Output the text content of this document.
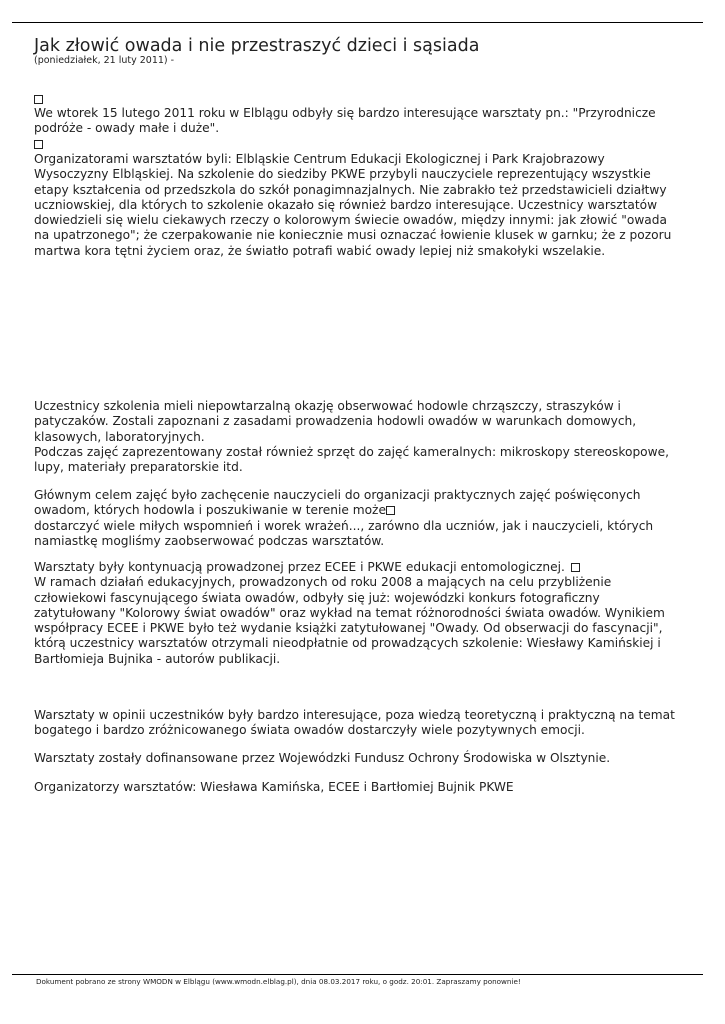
Jak złowić owada i nie przestraszyć dzieci i sąsiada
(poniedziałek, 21 luty 2011) -
We wtorek 15 lutego 2011 roku w Elblągu odbyły się bardzo interesujące warsztaty pn.: "Przyrodnicze
podróże - owady małe i duże".
Organizatorami warsztatów byli: Elbląskie Centrum Edukacji Ekologicznej i Park Krajobrazowy
Wysoczyzny Elbląskiej. Na szkolenie do siedziby PKWE przybyli nauczyciele reprezentujący wszystkie
etapy kształcenia od przedszkola do szkół ponagimnazjalnych. Nie zabrakło też przedstawicieli działtwy
uczniowskiej, dla których to szkolenie okazało się również bardzo interesujące. Uczestnicy warsztatów
dowiedzieli się wielu ciekawych rzeczy o kolorowym świecie owadów, między innymi: jak złowić "owada
na upatrzonego"; że czerpakowanie nie koniecznie musi oznaczać łowienie klusek w garnku; że z pozoru
martwa kora tętni życiem oraz, że światło potrafi wabić owady lepiej niż smakołyki wszelakie.
Uczestnicy szkolenia mieli niepowtarzalną okazję obserwować hodowle chrząszczy, straszyków i
patyczaków. Zostali zapoznani z zasadami prowadzenia hodowli owadów w warunkach domowych,
klasowych, laboratoryjnych.
Podczas zajęć zaprezentowany został również sprzęt do zajęć kameralnych: mikroskopy stereoskopowe,
lupy, materiały preparatorskie itd.
Głównym celem zajęć było zachęcenie nauczycieli do organizacji praktycznych zajęć poświęconych
owadom, których hodowla i poszukiwanie w terenie może
dostarczyć wiele miłych wspomnień i worek wrażeń..., zarówno dla uczniów, jak i nauczycieli, których
namiastkę mogliśmy zaobserwować podczas warsztatów.
Warsztaty były kontynuacją prowadzonej przez ECEE i PKWE edukacji entomologicznej.
W ramach działań edukacyjnych, prowadzonych od roku 2008 a mających na celu przybliżenie
człowiekowi fascynującego świata owadów, odbyły się już: wojewódzki konkurs fotograficzny
zatytułowany "Kolorowy świat owadów" oraz wykład na temat różnorodności świata owadów. Wynikiem
współpracy ECEE i PKWE było też wydanie książki zatytułowanej "Owady. Od obserwacji do fascynacji",
którą uczestnicy warsztatów otrzymali nieodpłatnie od prowadzących szkolenie: Wiesławy Kamińskiej i
Bartłomieja Bujnika - autorów publikacji.
Warsztaty w opinii uczestników były bardzo interesujące, poza wiedzą teoretyczną i praktyczną na temat
bogatego i bardzo zróżnicowanego świata owadów dostarczyły wiele pozytywnych emocji.
Warsztaty zostały dofinansowane przez Wojewódzki Fundusz Ochrony Środowiska w Olsztynie.
Organizatorzy warsztatów: Wiesława Kamińska, ECEE i Bartłomiej Bujnik PKWE
Dokument pobrano ze strony WMODN w Elblągu (www.wmodn.elblag.pl), dnia 08.03.2017 roku, o godz. 20:01. Zapraszamy ponownie!
